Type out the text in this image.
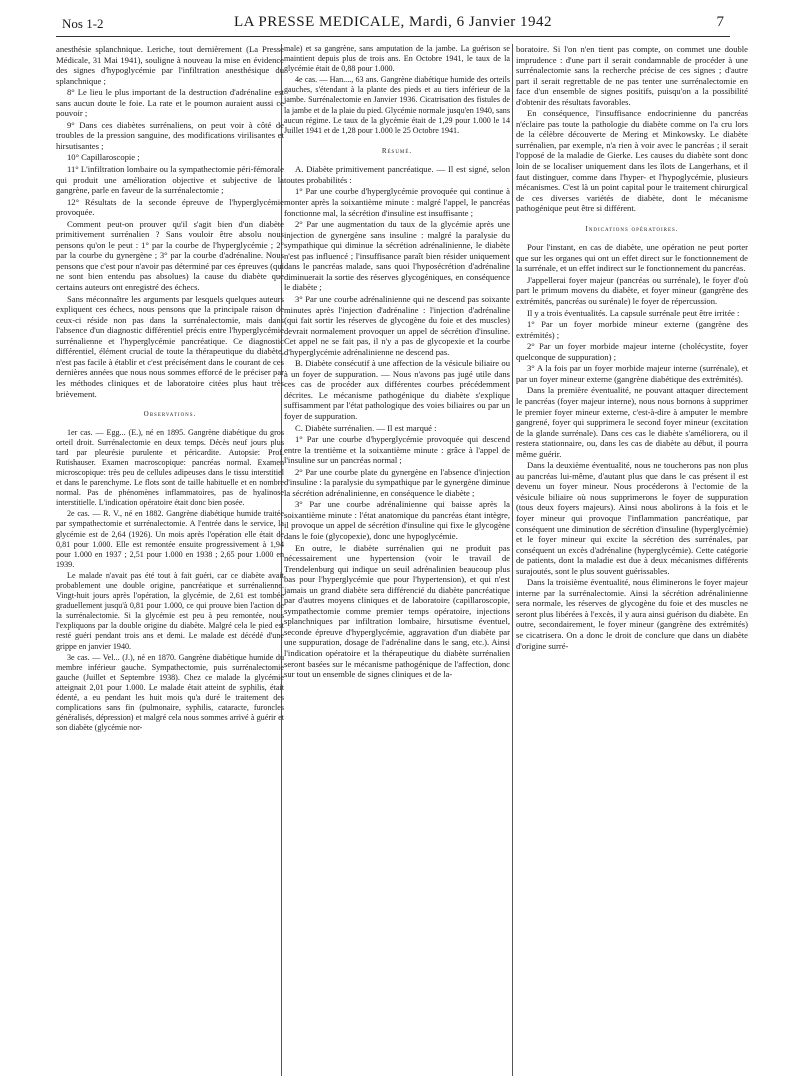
Nos 1-2	LA PRESSE MEDICALE, Mardi, 6 Janvier 1942	7

anesthésie splanchnique. Leriche, tout dernièrement (La Presse Médicale, 31 Mai 1941), souligne à nouveau la mise en évidence des signes d'hypoglycémie par l'infiltration anesthésique du splanchnique ;

8° Le lieu le plus important de la destruction d'adrénaline est sans aucun doute le foie. La rate et le poumon auraient aussi ce pouvoir ;

9° Dans ces diabètes surrénaliens, on peut voir à côté de troubles de la pression sanguine, des modifications virilisantes et hirsutisantes ;

10° Capillaroscopie ;

11° L'infiltration lombaire ou la sympathectomie péri-fémorale qui produit une amélioration objective et subjective de la gangrène, parle en faveur de la surrénalectomie ;

12° Résultats de la seconde épreuve de l'hyperglycémie provoquée.

Comment peut-on prouver qu'il s'agit bien d'un diabète primitivement surrénalien ? Sans vouloir être absolu nous pensons qu'on le peut : 1° par la courbe de l'hyperglycémie ; 2° par la courbe du gynergène ; 3° par la courbe d'adrénaline. Nous pensons que c'est pour n'avoir pas déterminé par ces épreuves (qui ne sont bien entendu pas absolues) la cause du diabète que certains auteurs ont enregistré des échecs.

Sans méconnaître les arguments par lesquels quelques auteurs expliquent ces échecs, nous pensons que la principale raison de ceux-ci réside non pas dans la surrénalectomie, mais dans l'absence d'un diagnostic différentiel précis entre l'hyperglycémie surrénalienne et l'hyperglycémie pancréatique. Ce diagnostic différentiel, élément crucial de toute la thérapeutique du diabète, n'est pas facile à établir et c'est précisément dans le courant de ces dernières années que nous nous sommes efforcé de le préciser par les méthodes cliniques et de laboratoire citées plus haut très brièvement.

Observations.

1er cas. — Egg... (E.), né en 1895. Gangrène diabétique du gros orteil droit. Surrénalectomie en deux temps. Décès neuf jours plus tard par pleurésie purulente et péricardite. Autopsie: Prof. Rutishauser. Examen macroscopique: pancréas normal. Examen microscopique: très peu de cellules adipeuses dans le tissu interstitiel et dans le parenchyme. Le flots sont de taille habituelle et en nombre normal. Pas de phénomènes inflammatoires, pas de hyalinose interstitielle. L'indication opératoire était donc bien posée.

2e cas. — R. V., né en 1882. Gangrène diabétique humide traitée par sympathectomie et surrénalectomie. A l'entrée dans le service, la glycémie est de 2,64 (1926). Un mois après l'opération elle était de 0,81 pour 1.000. Elle est remontée ensuite progressivement à 1,94 pour 1.000 en 1937 ; 2,51 pour 1.000 en 1938 ; 2,65 pour 1.000 en 1939.

Le malade n'avait pas été tout à fait guéri, car ce diabète avait probablement une double origine, pancréatique et surrénalienne. Vingt-huit jours après l'opération, la glycémie, de 2,61 est tombée graduellement jusqu'à 0,81 pour 1.000, ce qui prouve bien l'action de la surrénalectomie. Si la glycémie est peu à peu remontée, nous l'expliquons par la double origine du diabète. Malgré cela le pied est resté guéri pendant trois ans et demi. Le malade est décédé d'une grippe en janvier 1940.

3e cas. — Vel... (J.), né en 1870. Gangrène diabétique humide du membre inférieur gauche. Sympathectomie, puis surrénalectomie gauche (Juillet et Septembre 1938). Chez ce malade la glycémie atteignait 2,01 pour 1.000. Le malade était atteint de syphilis, était édenté, a eu pendant les huit mois qu'a duré le traitement des complications sans fin (pulmonaire, syphilis, cataracte, furoncles généralisés, dépression) et malgré cela nous sommes arrivé à guérir et son diabète (glycémie nor-

male) et sa gangrène, sans amputation de la jambe. La guérison se maintient depuis plus de trois ans. En Octobre 1941, le taux de la glycémie était de 0,88 pour 1.000.

4e cas. — Han...., 63 ans. Gangrène diabétique humide des orteils gauches, s'étendant à la plante des pieds et au tiers inférieur de la jambe. Surrénalectomie en Janvier 1936. Cicatrisation des fistules de la jambe et de la plaie du pied. Glycémie normale jusqu'en 1940, sans aucun régime. Le taux de la glycémie était de 1,29 pour 1.000 le 14 Juillet 1941 et de 1,28 pour 1.000 le 25 Octobre 1941.

Résumé.

A. Diabète primitivement pancréatique. — Il est signé, selon toutes probabilités :

1° Par une courbe d'hyperglycémie provoquée qui continue à monter après la soixantième minute : malgré l'appel, le pancréas fonctionne mal, la sécrétion d'insuline est insuffisante ;

2° Par une augmentation du taux de la glycémie après une injection de gynergène sans insuline : malgré la paralysie du sympathique qui diminue la sécrétion adrénalinienne, le diabète n'est pas influencé ; l'insuffisance paraît bien résider uniquement dans le pancréas malade, sans quoi l'hyposécrétion d'adrénaline diminuerait la sortie des réserves glycogéniques, en conséquence le diabète ;

3° Par une courbe adrénalinienne qui ne descend pas soixante minutes après l'injection d'adrénaline : l'injection d'adrénaline (qui fait sortir les réserves de glycogène du foie et des muscles) devrait normalement provoquer un appel de sécrétion d'insuline. Cet appel ne se fait pas, il n'y a pas de glycopexie et la courbe d'hyperglycémie adrénalinienne ne descend pas.

B. Diabète consécutif à une affection de la vésicule biliaire ou à un foyer de suppuration. — Nous n'avons pas jugé utile dans ces cas de procéder aux différentes courbes précédemment décrites. Le mécanisme pathogénique du diabète s'explique suffisamment par l'état pathologique des voies biliaires ou par un foyer de suppuration.

C. Diabète surrénalien. — Il est marqué :

1° Par une courbe d'hyperglycémie provoquée qui descend entre la trentième et la soixantième minute : grâce à l'appel de l'insuline sur un pancréas normal ;

2° Par une courbe plate du gynergène en l'absence d'injection d'insuline : la paralysie du sympathique par le gynergène diminue la sécrétion adrénalinienne, en conséquence le diabète ;

3° Par une courbe adrénalinienne qui baisse après la soixantième minute : l'état anatomique du pancréas étant intègre, il provoque un appel de sécrétion d'insuline qui fixe le glycogène dans le foie (glycopexie), donc une hypoglycémie.

En outre, le diabète surrénalien qui ne produit pas nécessairement une hypertension (voir le travail de Trendelenburg qui indique un seuil adrénalinien beaucoup plus bas pour l'hyperglycémie que pour l'hypertension), et qui n'est jamais un grand diabète sera différencié du diabète pancréatique par d'autres moyens cliniques et de laboratoire (capillaroscopie, sympathectomie comme premier temps opératoire, injections splanchniques par infiltration lombaire, hirsutisme éventuel, seconde épreuve d'hyperglycémie, aggravation d'un diabète par une suppuration, dosage de l'adrénaline dans le sang, etc.). Ainsi l'indication opératoire et la thérapeutique du diabète surrénalien seront basées sur le mécanisme pathogénique de l'affection, donc sur tout un ensemble de signes cliniques et de la-

boratoire. Si l'on n'en tient pas compte, on commet une double imprudence : d'une part il serait condamnable de procéder à une surrénalectomie sans la recherche précise de ces signes ; d'autre part il serait regrettable de ne pas tenter une surrénalectomie en face d'un ensemble de signes positifs, puisqu'on a la possibilité d'obtenir des résultats favorables.

En conséquence, l'insuffisance endocrinienne du pancréas n'éclaire pas toute la pathologie du diabète comme on l'a cru lors de la célèbre découverte de Mering et Minkowsky. Le diabète surrénalien, par exemple, n'a rien à voir avec le pancréas ; il serait l'opposé de la maladie de Gierke. Les causes du diabète sont donc loin de se localiser uniquement dans les îlots de Langerhans, et il faut distinguer, comme dans l'hyper- et l'hypoglycémie, plusieurs mécanismes. C'est là un point capital pour le traitement chirurgical de ces diverses variétés de diabète, dont le mécanisme pathogénique peut être si différent.

Indications opératoires.

Pour l'instant, en cas de diabète, une opération ne peut porter que sur les organes qui ont un effet direct sur le fonctionnement de la surrénale, et un effet indirect sur le fonctionnement du pancréas.

J'appellerai foyer majeur (pancréas ou surrénale), le foyer d'où part le primum movens du diabète, et foyer mineur (gangrène des extrémités, pancréas ou surénale) le foyer de répercussion.

Il y a trois éventualités. La capsule surrénale peut être irritée :

1° Par un foyer morbide mineur externe (gangrène des extrémités) ;

2° Par un foyer morbide majeur interne (cholécystite, foyer quelconque de suppuration) ;

3° A la fois par un foyer morbide majeur interne (surrénale), et par un foyer mineur externe (gangrène diabétique des extrémités).

Dans la première éventualité, ne pouvant attaquer directement le pancréas (foyer majeur interne), nous nous bornons à supprimer le premier foyer mineur externe, c'est-à-dire à amputer le membre gangrené, foyer qui supprimera le second foyer mineur (excitation de la glande surrénale). Dans ces cas le diabète s'améliorera, ou il restera stationnaire, ou, dans les cas de diabète au début, il pourra même guérir.

Dans la deuxième éventualité, nous ne toucherons pas non plus au pancréas lui-même, d'autant plus que dans le cas présent il est devenu un foyer mineur. Nous procéderons à l'ectomie de la vésicule biliaire où nous supprimerons le foyer de suppuration (tous deux foyers majeurs). Ainsi nous abolirons à la fois et le foyer mineur qui provoque l'inflammation pancréatique, par conséquent une diminution de sécrétion d'insuline (hyperglycémie) et le foyer mineur qui excite la sécrétion des surrénales, par conséquent un excès d'adrénaline (hyperglycémie). Cette catégorie de patients, dont la maladie est due à deux mécanismes différents surajoutés, sont le plus souvent guérissables.

Dans la troisième éventualité, nous éliminerons le foyer majeur interne par la surrénalectomie. Ainsi la sécrétion adrénalinienne sera normale, les réserves de glycogène du foie et des muscles ne seront plus libérées à l'excès, il y aura ainsi guérison du diabète. En outre, secondairement, le foyer mineur (gangrène des extrémités) se cicatrisera. On a donc le droit de conclure que dans un diabète d'origine surré-
